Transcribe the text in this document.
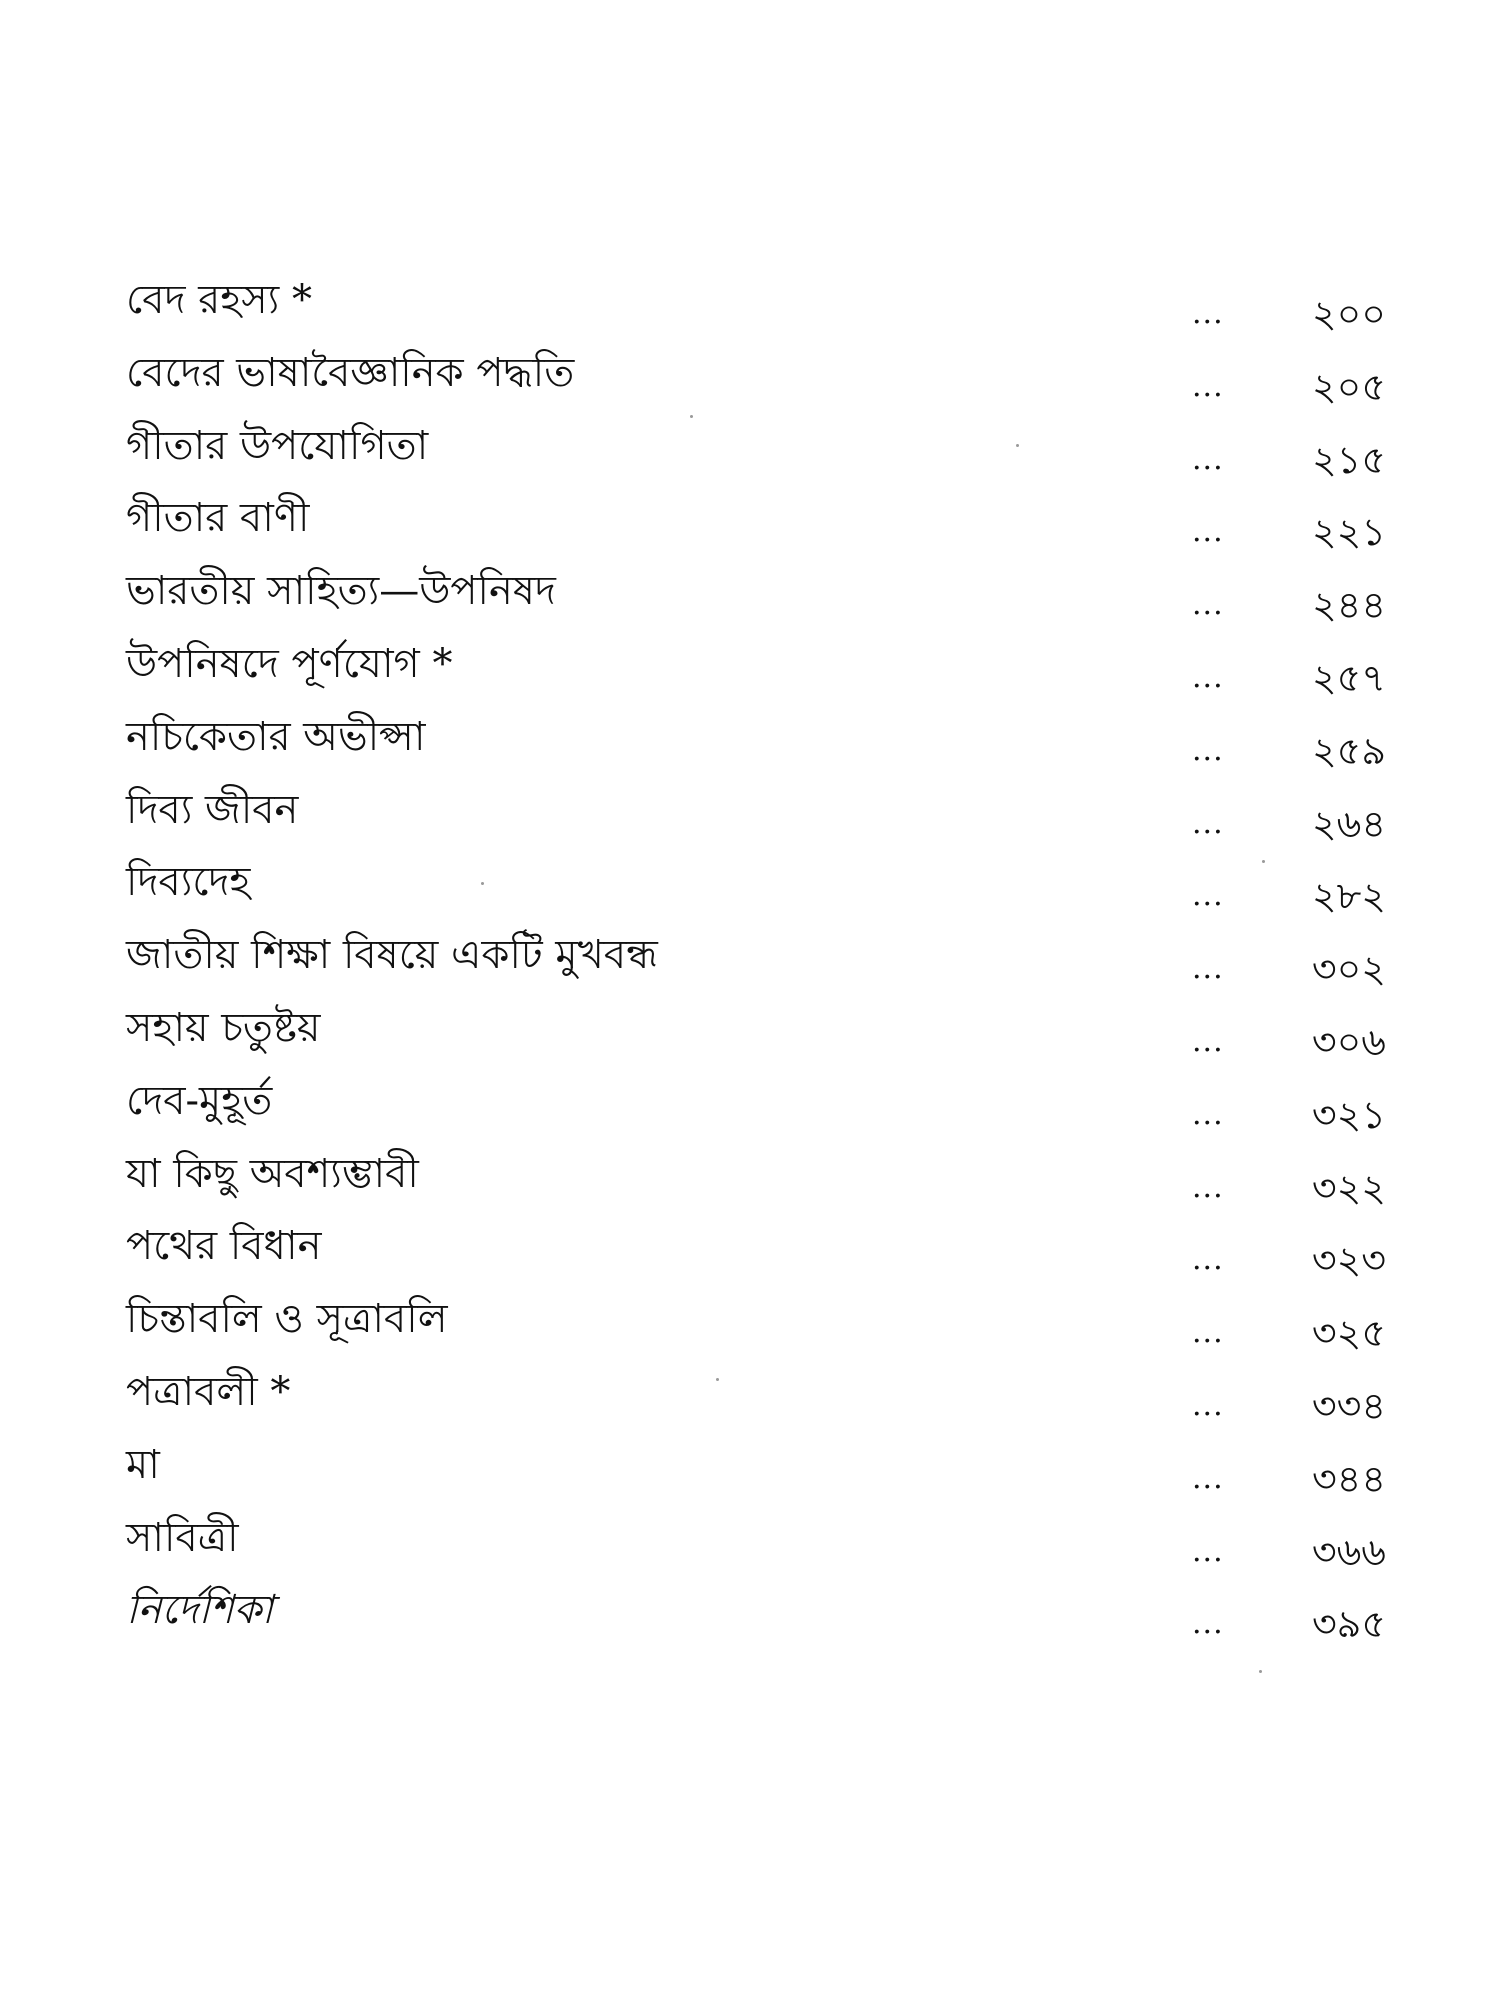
বেদ রহস্য *	... ২০০
বেদের ভাষাবৈজ্ঞানিক পদ্ধতি	... ২০৫
গীতার উপযোগিতা	... ২১৫
গীতার বাণী	... ২২১
ভারতীয় সাহিত্য—উপনিষদ	... ২৪৪
উপনিষদে পূর্ণযোগ *	... ২৫৭
নচিকেতার অভীপ্সা	... ২৫৯
দিব্য জীবন	... ২৬৪
দিব্যদেহ	... ২৮২
জাতীয় শিক্ষা বিষয়ে একটি মুখবন্ধ	... ৩০২
সহায় চতুষ্টয়	... ৩০৬
দেব-মুহূর্ত	... ৩২১
যা কিছু অবশ্যম্ভাবী	... ৩২২
পথের বিধান	... ৩২৩
চিন্তাবলি ও সূত্রাবলি	... ৩২৫
পত্রাবলী *	... ৩৩৪
মা	... ৩৪৪
সাবিত্রী	... ৩৬৬
নির্দেশিকা	... ৩৯৫
